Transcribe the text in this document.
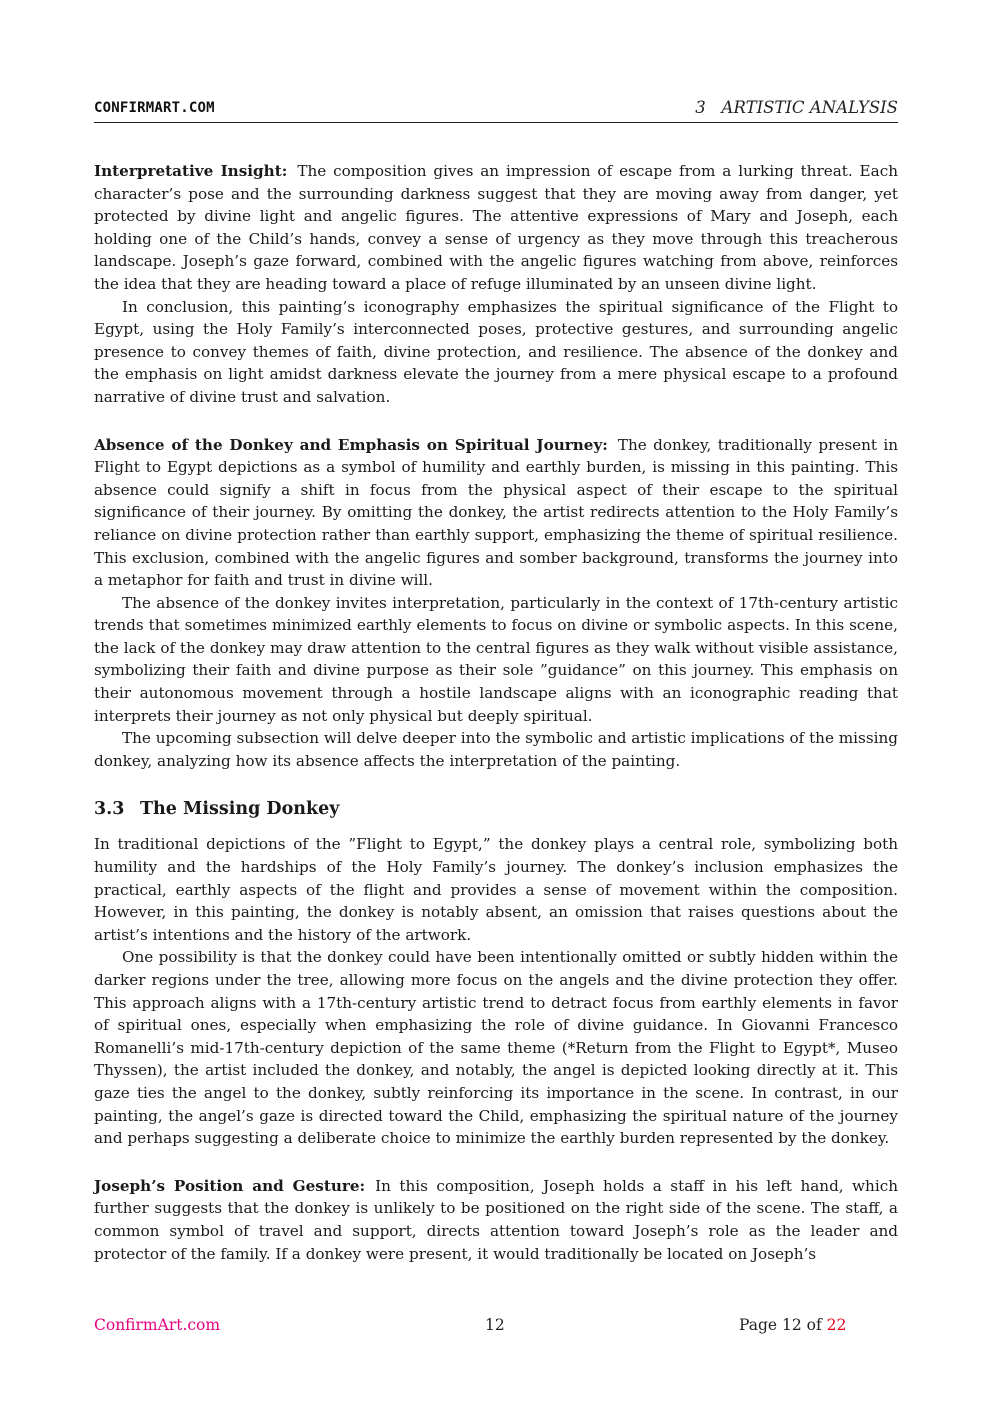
CONFIRMART.COM	3   ARTISTIC ANALYSIS

Interpretative Insight: The composition gives an impression of escape from a lurking threat. Each character’s pose and the surrounding darkness suggest that they are moving away from danger, yet protected by divine light and angelic figures. The attentive expressions of Mary and Joseph, each holding one of the Child’s hands, convey a sense of urgency as they move through this treacherous landscape. Joseph’s gaze forward, combined with the angelic figures watching from above, reinforces the idea that they are heading toward a place of refuge illuminated by an unseen divine light.

In conclusion, this painting’s iconography emphasizes the spiritual significance of the Flight to Egypt, using the Holy Family’s interconnected poses, protective gestures, and surrounding angelic presence to convey themes of faith, divine protection, and resilience. The absence of the donkey and the emphasis on light amidst darkness elevate the journey from a mere physical escape to a profound narrative of divine trust and salvation.

Absence of the Donkey and Emphasis on Spiritual Journey: The donkey, traditionally present in Flight to Egypt depictions as a symbol of humility and earthly burden, is missing in this painting. This absence could signify a shift in focus from the physical aspect of their escape to the spiritual significance of their journey. By omitting the donkey, the artist redirects attention to the Holy Family’s reliance on divine protection rather than earthly support, emphasizing the theme of spiritual resilience. This exclusion, combined with the angelic figures and somber background, transforms the journey into a metaphor for faith and trust in divine will.

The absence of the donkey invites interpretation, particularly in the context of 17th-century artistic trends that sometimes minimized earthly elements to focus on divine or symbolic aspects. In this scene, the lack of the donkey may draw attention to the central figures as they walk without visible assistance, symbolizing their faith and divine purpose as their sole ”guidance” on this journey. This emphasis on their autonomous movement through a hostile landscape aligns with an iconographic reading that interprets their journey as not only physical but deeply spiritual.

The upcoming subsection will delve deeper into the symbolic and artistic implications of the missing donkey, analyzing how its absence affects the interpretation of the painting.

3.3 The Missing Donkey

In traditional depictions of the ”Flight to Egypt,” the donkey plays a central role, symbolizing both humility and the hardships of the Holy Family’s journey. The donkey’s inclusion emphasizes the practical, earthly aspects of the flight and provides a sense of movement within the composition. However, in this painting, the donkey is notably absent, an omission that raises questions about the artist’s intentions and the history of the artwork.

One possibility is that the donkey could have been intentionally omitted or subtly hidden within the darker regions under the tree, allowing more focus on the angels and the divine protection they offer. This approach aligns with a 17th-century artistic trend to detract focus from earthly elements in favor of spiritual ones, especially when emphasizing the role of divine guidance. In Giovanni Francesco Romanelli’s mid-17th-century depiction of the same theme (*Return from the Flight to Egypt*, Museo Thyssen), the artist included the donkey, and notably, the angel is depicted looking directly at it. This gaze ties the angel to the donkey, subtly reinforcing its importance in the scene. In contrast, in our painting, the angel’s gaze is directed toward the Child, emphasizing the spiritual nature of the journey and perhaps suggesting a deliberate choice to minimize the earthly burden represented by the donkey.

Joseph’s Position and Gesture: In this composition, Joseph holds a staff in his left hand, which further suggests that the donkey is unlikely to be positioned on the right side of the scene. The staff, a common symbol of travel and support, directs attention toward Joseph’s role as the leader and protector of the family. If a donkey were present, it would traditionally be located on Joseph’s

ConfirmArt.com	12	Page 12 of 22
